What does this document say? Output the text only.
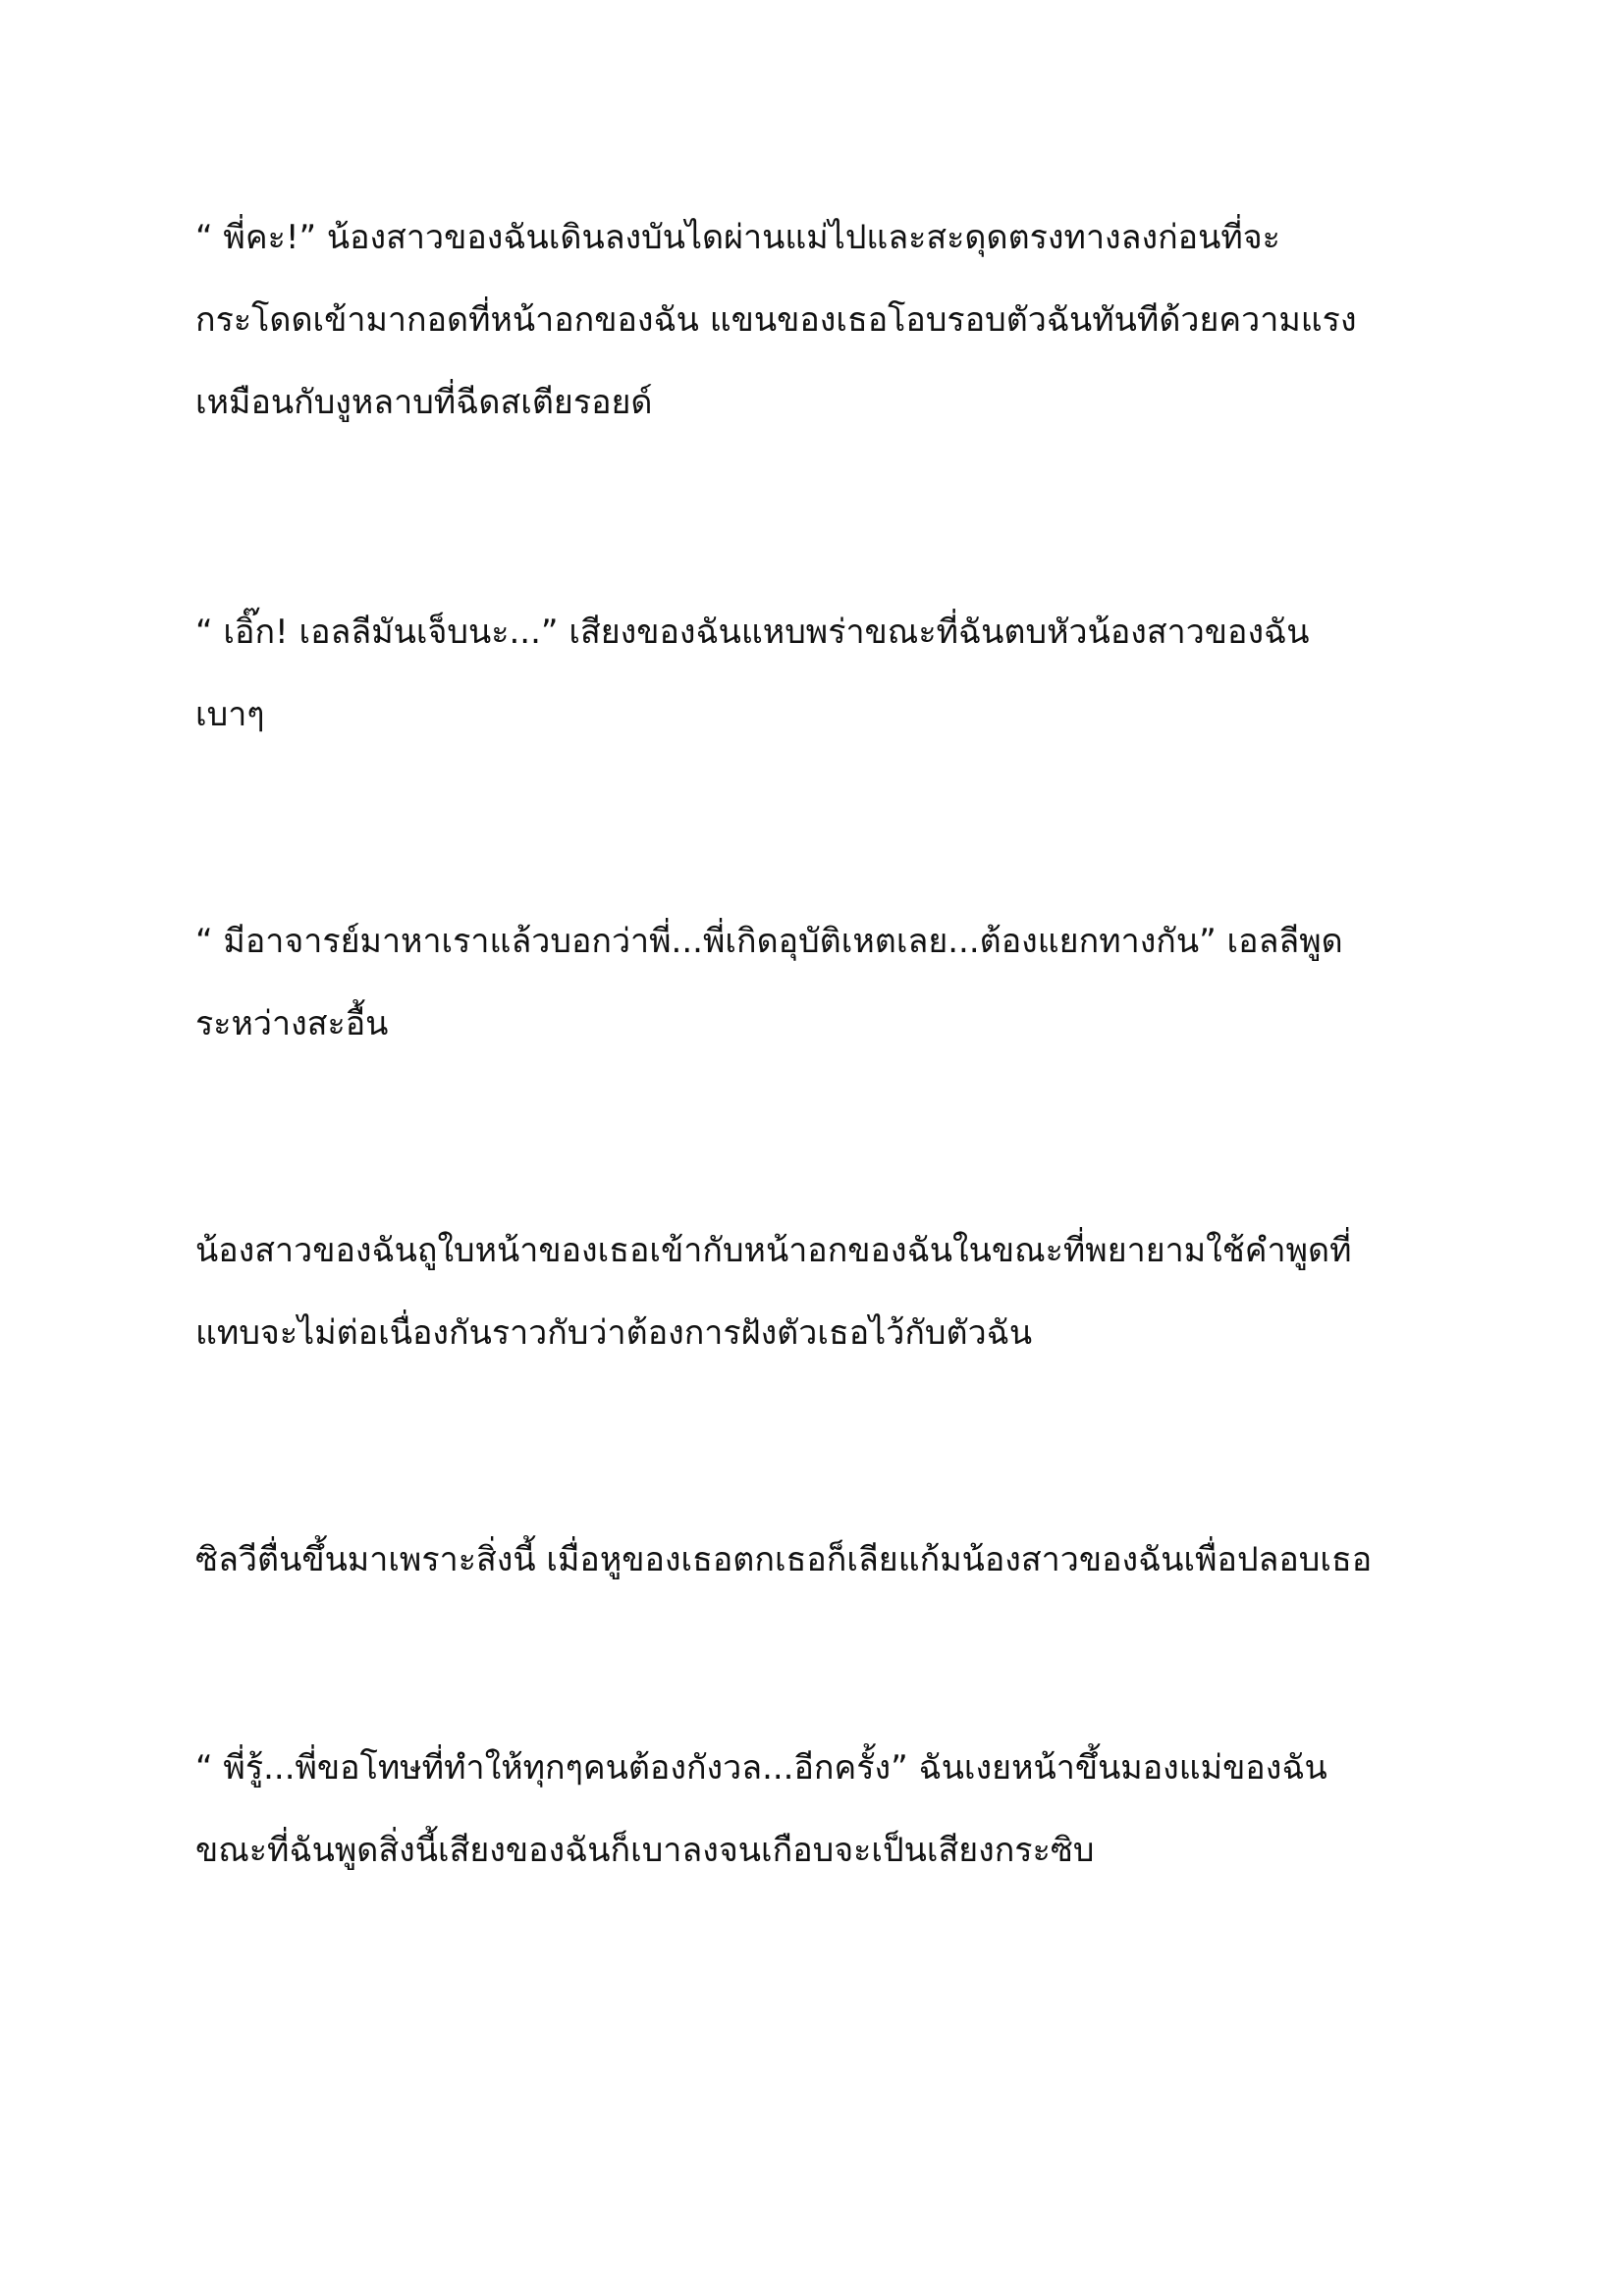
“ พี่คะ!” น้องสาวของฉันเดินลงบันไดผ่านแม่ไปและสะดุดตรงทางลงก่อนที่จะ
กระโดดเข้ามากอดที่หน้าอกของฉัน แขนของเธอโอบรอบตัวฉันทันทีด้วยความแรง
เหมือนกับงูหลาบที่ฉีดสเตียรอยด์

“ เอิ๊ก! เอลลีมันเจ็บนะ...” เสียงของฉันแหบพร่าขณะที่ฉันตบหัวน้องสาวของฉัน
เบาๆ

“ มีอาจารย์มาหาเราแล้วบอกว่าพี่...พี่เกิดอุบัติเหตเลย...ต้องแยกทางกัน” เอลลีพูด
ระหว่างสะอื้น

น้องสาวของฉันถูใบหน้าของเธอเข้ากับหน้าอกของฉันในขณะที่พยายามใช้คำพูดที่
แทบจะไม่ต่อเนื่องกันราวกับว่าต้องการฝังตัวเธอไว้กับตัวฉัน

ซิลวีตื่นขึ้นมาเพราะสิ่งนี้ เมื่อหูของเธอตกเธอก็เลียแก้มน้องสาวของฉันเพื่อปลอบเธอ

“ พี่รู้...พี่ขอโทษที่ทำให้ทุกๆคนต้องกังวล...อีกครั้ง” ฉันเงยหน้าขึ้นมองแม่ของฉัน
ขณะที่ฉันพูดสิ่งนี้เสียงของฉันก็เบาลงจนเกือบจะเป็นเสียงกระซิบ
